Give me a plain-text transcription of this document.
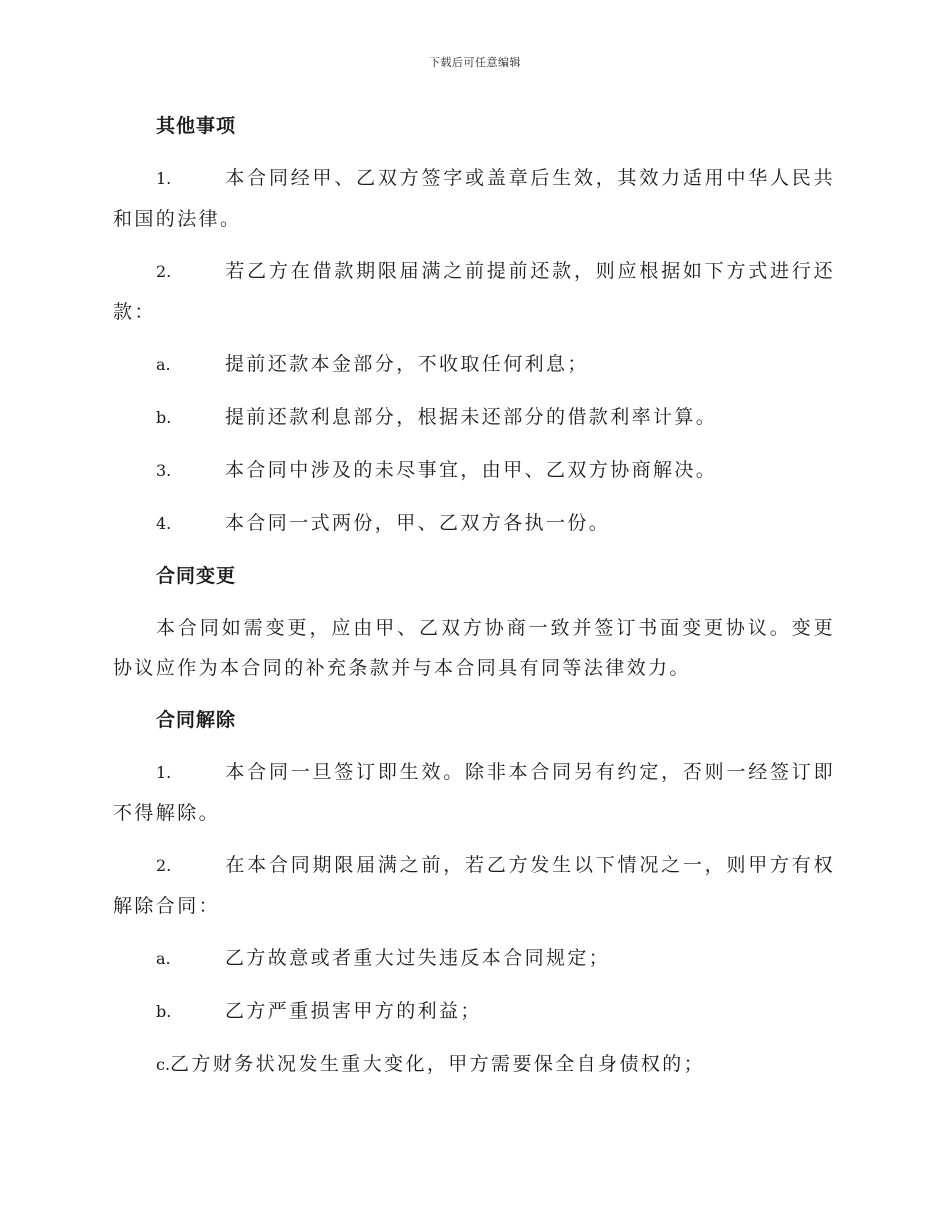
下载后可任意编辑
其他事项
1.	本合同经甲、乙双方签字或盖章后生效，其效力适用中华人民共和国的法律。
2.	若乙方在借款期限届满之前提前还款，则应根据如下方式进行还款：
a.	提前还款本金部分，不收取任何利息；
b.	提前还款利息部分，根据未还部分的借款利率计算。
3.	本合同中涉及的未尽事宜，由甲、乙双方协商解决。
4.	本合同一式两份，甲、乙双方各执一份。
合同变更
本合同如需变更，应由甲、乙双方协商一致并签订书面变更协议。变更协议应作为本合同的补充条款并与本合同具有同等法律效力。
合同解除
1.	本合同一旦签订即生效。除非本合同另有约定，否则一经签订即不得解除。
2.	在本合同期限届满之前，若乙方发生以下情况之一，则甲方有权解除合同：
a.	乙方故意或者重大过失违反本合同规定；
b.	乙方严重损害甲方的利益；
c.乙方财务状况发生重大变化，甲方需要保全自身债权的；
